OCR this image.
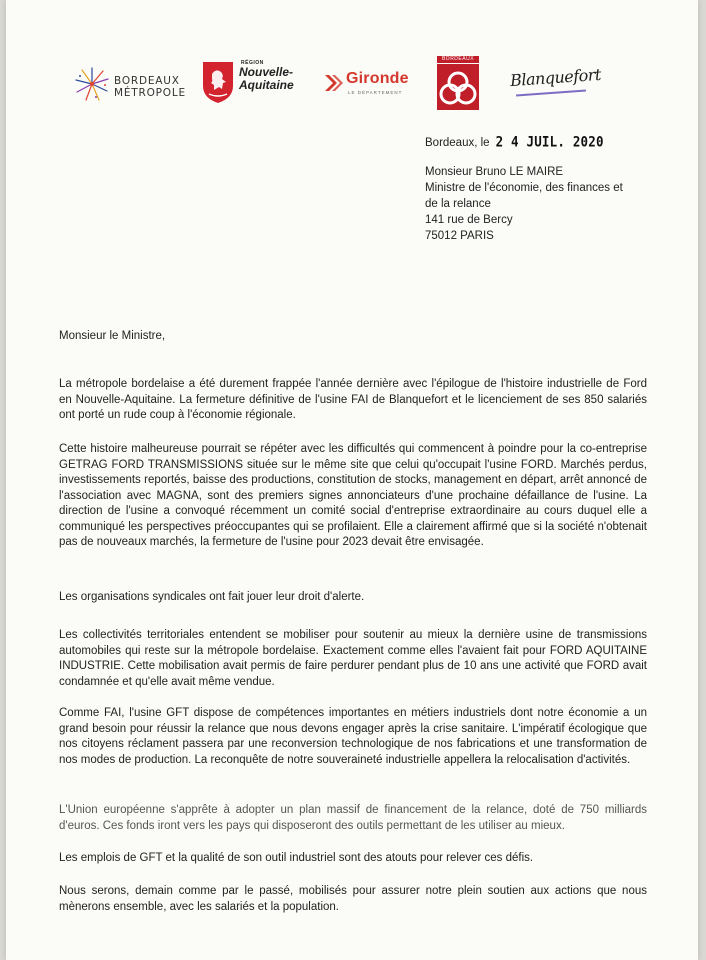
BORDEAUX
MÉTROPOLE
RÉGION
Nouvelle-
Aquitaine	Gironde
LE DÉPARTEMENT
BORDEAUX
Blanquefort
Bordeaux, le 2 4 JUIL. 2020
Monsieur Bruno LE MAIRE
Ministre de l'économie, des finances et
de la relance
141 rue de Bercy
75012 PARIS
Monsieur le Ministre,
La métropole bordelaise a été durement frappée l'année dernière avec l'épilogue de l'histoire industrielle de Ford en Nouvelle-Aquitaine. La fermeture définitive de l'usine FAI de Blanquefort et le licenciement de ses 850 salariés ont porté un rude coup à l'économie régionale.
Cette histoire malheureuse pourrait se répéter avec les difficultés qui commencent à poindre pour la co-entreprise GETRAG FORD TRANSMISSIONS située sur le même site que celui qu'occupait l'usine FORD. Marchés perdus, investissements reportés, baisse des productions, constitution de stocks, management en départ, arrêt annoncé de l'association avec MAGNA, sont des premiers signes annonciateurs d'une prochaine défaillance de l'usine. La direction de l'usine a convoqué récemment un comité social d'entreprise extraordinaire au cours duquel elle a communiqué les perspectives préoccupantes qui se profilaient. Elle a clairement affirmé que si la société n'obtenait pas de nouveaux marchés, la fermeture de l'usine pour 2023 devait être envisagée.
Les organisations syndicales ont fait jouer leur droit d'alerte.
Les collectivités territoriales entendent se mobiliser pour soutenir au mieux la dernière usine de transmissions automobiles qui reste sur la métropole bordelaise. Exactement comme elles l'avaient fait pour FORD AQUITAINE INDUSTRIE. Cette mobilisation avait permis de faire perdurer pendant plus de 10 ans une activité que FORD avait condamnée et qu'elle avait même vendue.
Comme FAI, l'usine GFT dispose de compétences importantes en métiers industriels dont notre économie a un grand besoin pour réussir la relance que nous devons engager après la crise sanitaire. L'impératif écologique que nos citoyens réclament passera par une reconversion technologique de nos fabrications et une transformation de nos modes de production. La reconquête de notre souveraineté industrielle appellera la relocalisation d'activités.
L'Union européenne s'apprête à adopter un plan massif de financement de la relance, doté de 750 milliards d'euros. Ces fonds iront vers les pays qui disposeront des outils permettant de les utiliser au mieux.
Les emplois de GFT et la qualité de son outil industriel sont des atouts pour relever ces défis.
Nous serons, demain comme par le passé, mobilisés pour assurer notre plein soutien aux actions que nous mènerons ensemble, avec les salariés et la population.
